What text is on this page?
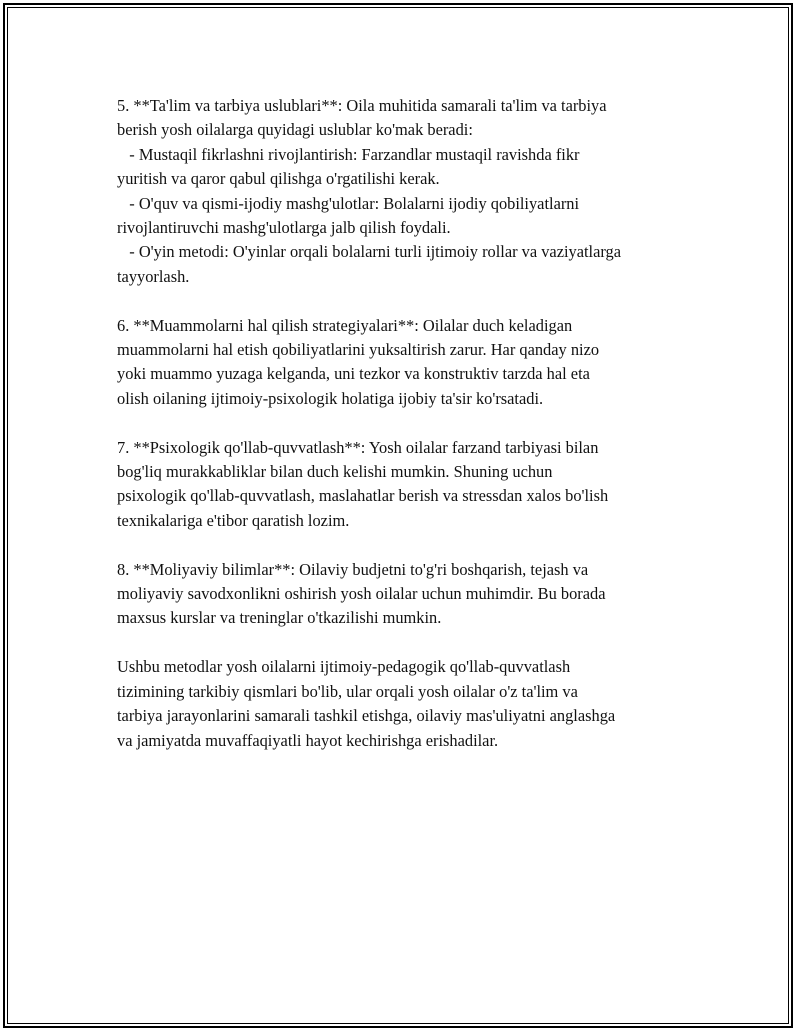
5. **Ta'lim va tarbiya uslublari**: Oila muhitida samarali ta'lim va tarbiya
berish yosh oilalarga quyidagi uslublar ko'mak beradi:
- Mustaqil fikrlashni rivojlantirish: Farzandlar mustaqil ravishda fikr
yuritish va qaror qabul qilishga o'rgatilishi kerak.
- O'quv va qismi-ijodiy mashg'ulotlar: Bolalarni ijodiy qobiliyatlarni
rivojlantiruvchi mashg'ulotlarga jalb qilish foydali.
- O'yin metodi: O'yinlar orqali bolalarni turli ijtimoiy rollar va vaziyatlarga
tayyorlash.
6. **Muammolarni hal qilish strategiyalari**: Oilalar duch keladigan
muammolarni hal etish qobiliyatlarini yuksaltirish zarur. Har qanday nizo
yoki muammo yuzaga kelganda, uni tezkor va konstruktiv tarzda hal eta
olish oilaning ijtimoiy-psixologik holatiga ijobiy ta'sir ko'rsatadi.
7. **Psixologik qo'llab-quvvatlash**: Yosh oilalar farzand tarbiyasi bilan
bog'liq murakkabliklar bilan duch kelishi mumkin. Shuning uchun
psixologik qo'llab-quvvatlash, maslahatlar berish va stressdan xalos bo'lish
texnikalariga e'tibor qaratish lozim.
8. **Moliyaviy bilimlar**: Oilaviy budjetni to'g'ri boshqarish, tejash va
moliyaviy savodxonlikni oshirish yosh oilalar uchun muhimdir. Bu borada
maxsus kurslar va treninglar o'tkazilishi mumkin.
Ushbu metodlar yosh oilalarni ijtimoiy-pedagogik qo'llab-quvvatlash
tizimining tarkibiy qismlari bo'lib, ular orqali yosh oilalar o'z ta'lim va
tarbiya jarayonlarini samarali tashkil etishga, oilaviy mas'uliyatni anglashga
va jamiyatda muvaffaqiyatli hayot kechirishga erishadilar.
